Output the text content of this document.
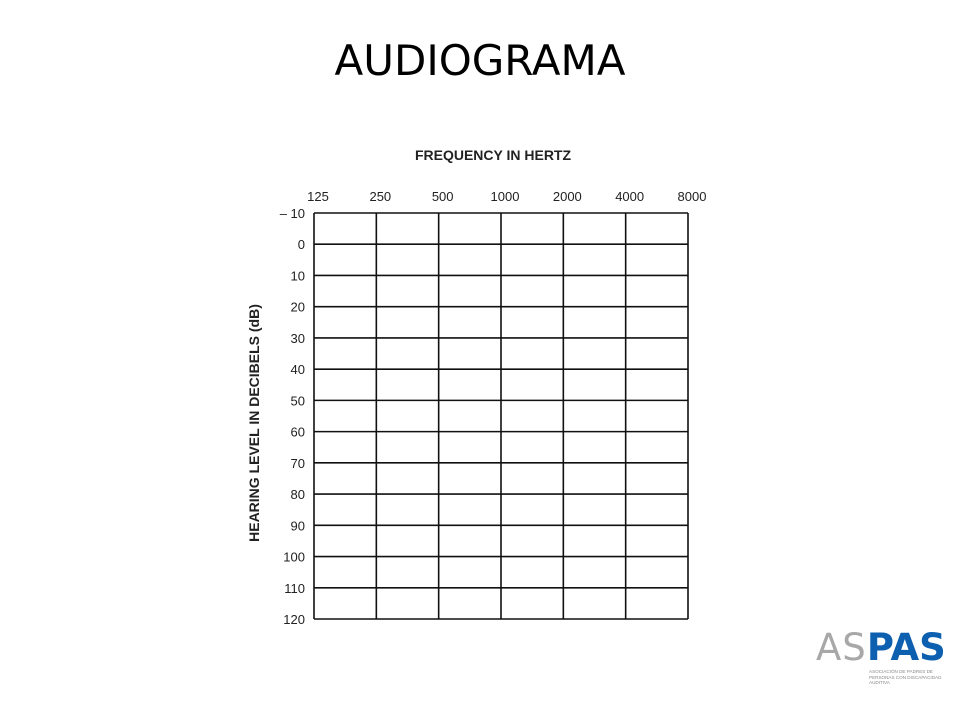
AUDIOGRAMA
FREQUENCY IN HERTZ
HEARING LEVEL IN DECIBELS (dB)
125	250	500	1000	2000	4000	8000
– 10
0
10
20
30
40
50
60
70
80
90
100
110
120
ASPAS
ASOCIACIÓN DE PADRES DE PERSONAS CON DISCAPACIDAD AUDITIVA
